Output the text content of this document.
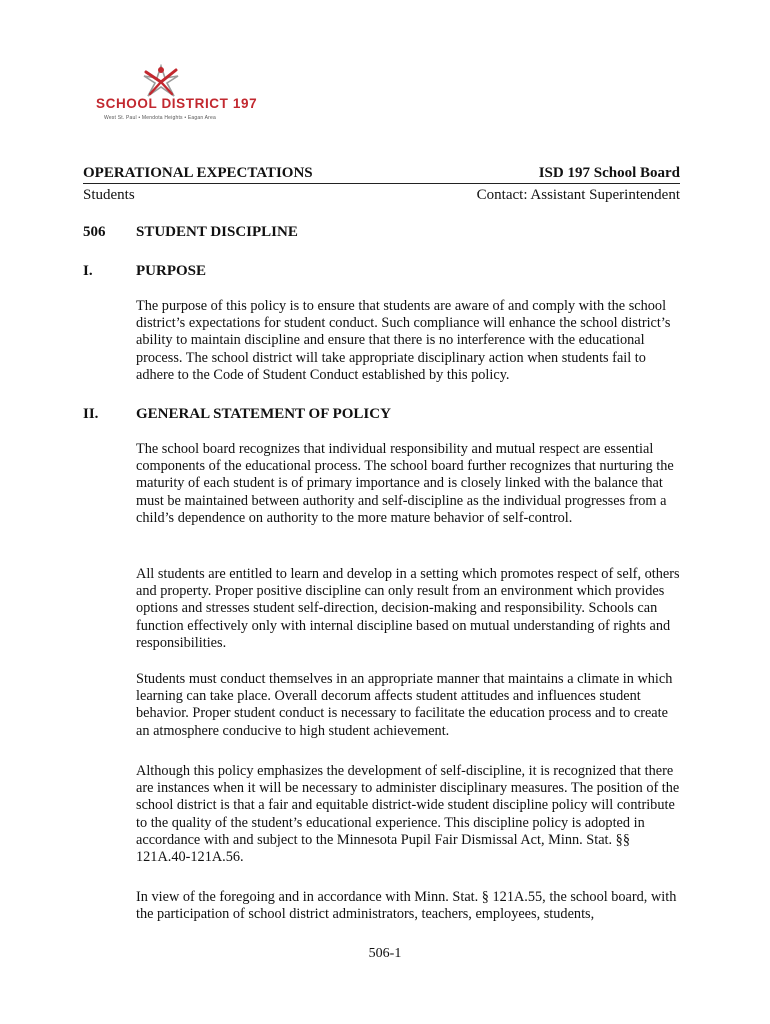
SCHOOL DISTRICT 197
West St. Paul • Mendota Heights • Eagan Area
OPERATIONAL EXPECTATIONS	ISD 197 School Board
Students	Contact: Assistant Superintendent
506 STUDENT DISCIPLINE
I.	PURPOSE

The purpose of this policy is to ensure that students are aware of and comply with the school district’s expectations for student conduct. Such compliance will enhance the school district’s ability to maintain discipline and ensure that there is no interference with the educational process. The school district will take appropriate disciplinary action when students fail to adhere to the Code of Student Conduct established by this policy.

II.	GENERAL STATEMENT OF POLICY

The school board recognizes that individual responsibility and mutual respect are essential components of the educational process. The school board further recognizes that nurturing the maturity of each student is of primary importance and is closely linked with the balance that must be maintained between authority and self-discipline as the individual progresses from a child’s dependence on authority to the more mature behavior of self-control.

All students are entitled to learn and develop in a setting which promotes respect of self, others and property. Proper positive discipline can only result from an environment which provides options and stresses student self-direction, decision-making and responsibility. Schools can function effectively only with internal discipline based on mutual understanding of rights and responsibilities.

Students must conduct themselves in an appropriate manner that maintains a climate in which learning can take place. Overall decorum affects student attitudes and influences student behavior. Proper student conduct is necessary to facilitate the education process and to create an atmosphere conducive to high student achievement.

Although this policy emphasizes the development of self-discipline, it is recognized that there are instances when it will be necessary to administer disciplinary measures. The position of the school district is that a fair and equitable district-wide student discipline policy will contribute to the quality of the student’s educational experience. This discipline policy is adopted in accordance with and subject to the Minnesota Pupil Fair Dismissal Act, Minn. Stat. §§ 121A.40-121A.56.

In view of the foregoing and in accordance with Minn. Stat. § 121A.55, the school board, with the participation of school district administrators, teachers, employees, students,

506-1
